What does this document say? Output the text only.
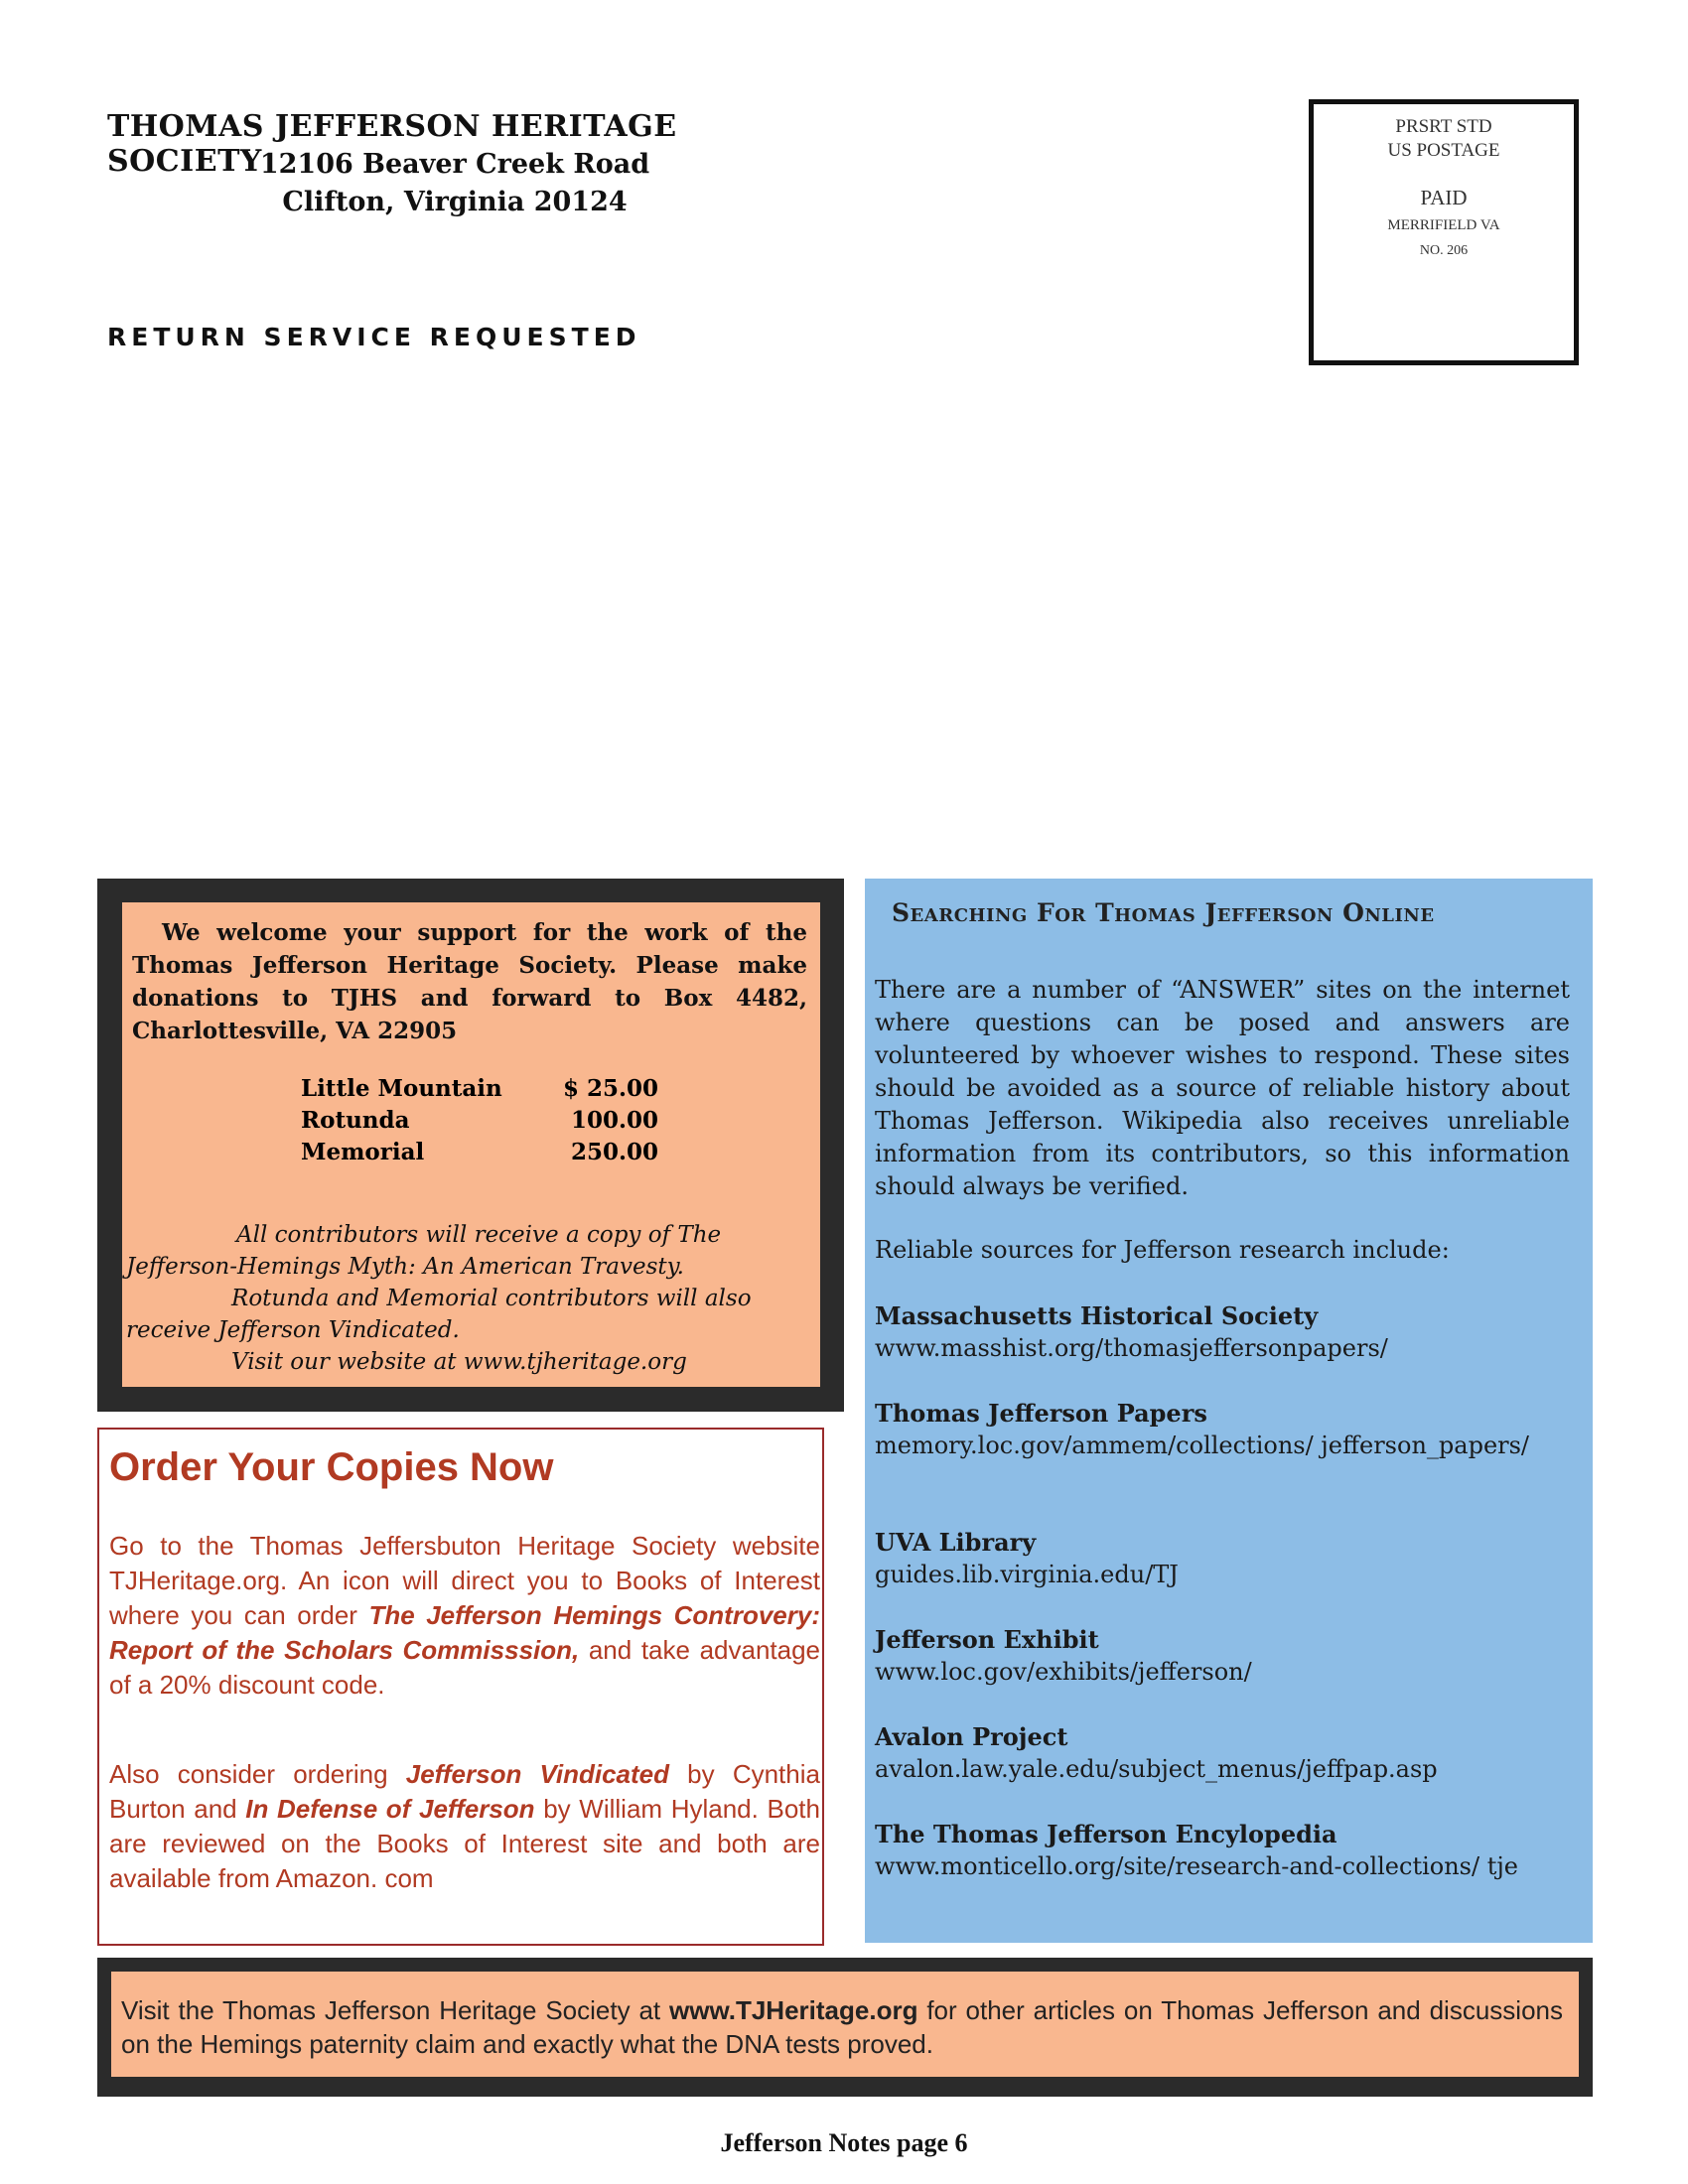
THOMAS JEFFERSON HERITAGE SOCIETY
12106 Beaver Creek Road
Clifton, Virginia 20124
RETURN SERVICE REQUESTED
PRSRT STD
US POSTAGE
PAID
MERRIFIELD VA
NO. 206
We welcome your support for the work of the Thomas Jefferson Heritage Society. Please make donations to TJHS and forward to Box 4482, Charlottesville, VA 22905
Little Mountain	$ 25.00
Rotunda	100.00
Memorial	250.00
All contributors will receive a copy of The
Jefferson-Hemings Myth: An American Travesty.
Rotunda and Memorial contributors will also
receive Jefferson Vindicated.
Visit our website at www.tjheritage.org
Order Your Copies Now
Go to the Thomas Jeffersbuton Heritage Society website TJHeritage.org. An icon will direct you to Books of Interest where you can order The Jefferson Hemings Controvery: Report of the Scholars Commisssion, and take advantage of a 20% discount code.
Also consider ordering Jefferson Vindicated by Cynthia Burton and In Defense of Jefferson by William Hyland. Both are reviewed on the Books of Interest site and both are available from Amazon. com
Searching For Thomas Jefferson Online
There are a number of “ANSWER” sites on the internet where questions can be posed and answers are volunteered by whoever wishes to respond. These sites should be avoided as a source of reliable history about Thomas Jefferson. Wikipedia also receives unreliable information from its contributors, so this information should always be verified.
Reliable sources for Jefferson research include:
Massachusetts Historical Society
www.masshist.org/thomasjeffersonpapers/
Thomas Jefferson Papers
memory.loc.gov/ammem/collections/ jefferson_papers/
UVA Library
guides.lib.virginia.edu/TJ
Jefferson Exhibit
www.loc.gov/exhibits/jefferson/
Avalon Project
avalon.law.yale.edu/subject_menus/jeffpap.asp
The Thomas Jefferson Encylopedia
www.monticello.org/site/research-and-collections/ tje
Visit the Thomas Jefferson Heritage Society at www.TJHeritage.org for other articles on Thomas Jefferson and discussions on the Hemings paternity claim and exactly what the DNA tests proved.
Jefferson Notes page 6
